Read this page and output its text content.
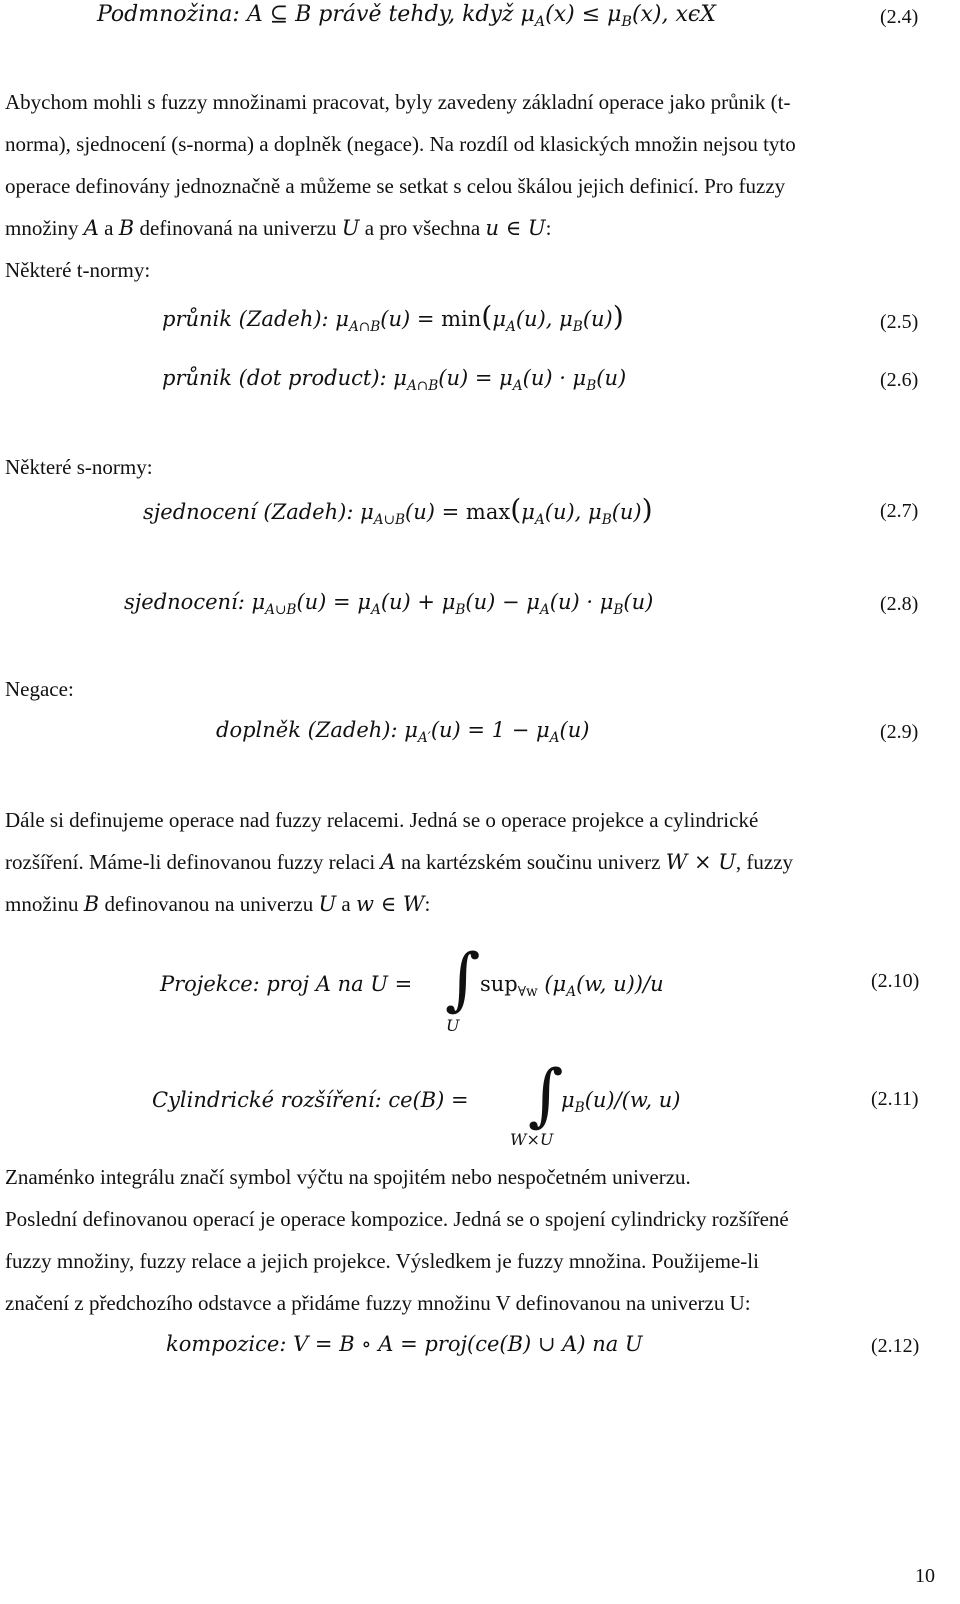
Podmnožina: A ⊆ B právě tehdy, když $\mu_A(x) \le \mu_B(x)$, xϵX	(2.4)
Abychom mohli s fuzzy množinami pracovat, byly zavedeny základní operace jako průnik (t-
norma), sjednocení (s-norma) a doplněk (negace). Na rozdíl od klasických množin nejsou tyto
operace definovány jednoznačně a můžeme se setkat s celou škálou jejich definicí. Pro fuzzy
množiny A a B definovaná na univerzu U a pro všechna u ∈ U:
Některé t-normy:
průnik (Zadeh): $\mu_{A\cap B}(u) = \min(\mu_A(u)$, $\mu_B(u)$)	(2.5)
průnik (dot product): $\mu_{A\cap B}(u) = \mu_A(u) \cdot \mu_B(u)$	(2.6)
Některé s-normy:
sjednocení (Zadeh): $\mu_{A\cup B}(u) = \max(\mu_A(u)$, $\mu_B(u)$)	(2.7)
sjednocení: $\mu_{A\cup B}(u) = \mu_A(u) + \mu_B(u) - \mu_A(u) \cdot \mu_B(u)$	(2.8)
Negace:
doplněk (Zadeh): $\mu_{A'}(u) = 1 - \mu_A(u)$	(2.9)
Dále si definujeme operace nad fuzzy relacemi. Jedná se o operace projekce a cylindrické
rozšíření. Máme-li definovanou fuzzy relaci A na kartézském součinu univerz W × U, fuzzy
množinu B definovanou na univerzu U a w ∈ W:
Projekce: proj A na U = ∫
U
sup$_{\forall w}$ ($\mu_A(w$, u))/u	(2.10)
Cylindrické rozšíření: ce(B) = ∫
W×U
$\mu_B(u)/(w$, u)	(2.11)
Znaménko integrálu značí symbol výčtu na spojitém nebo nespočetném univerzu.
Poslední definovanou operací je operace kompozice. Jedná se o spojení cylindricky rozšířené
fuzzy množiny, fuzzy relace a jejich projekce. Výsledkem je fuzzy množina. Použijeme-li
značení z předchozího odstavce a přidáme fuzzy množinu V definovanou na univerzu U:
kompozice: V = B ∘ A = proj(ce(B) ∪ A) na U	(2.12)
10
